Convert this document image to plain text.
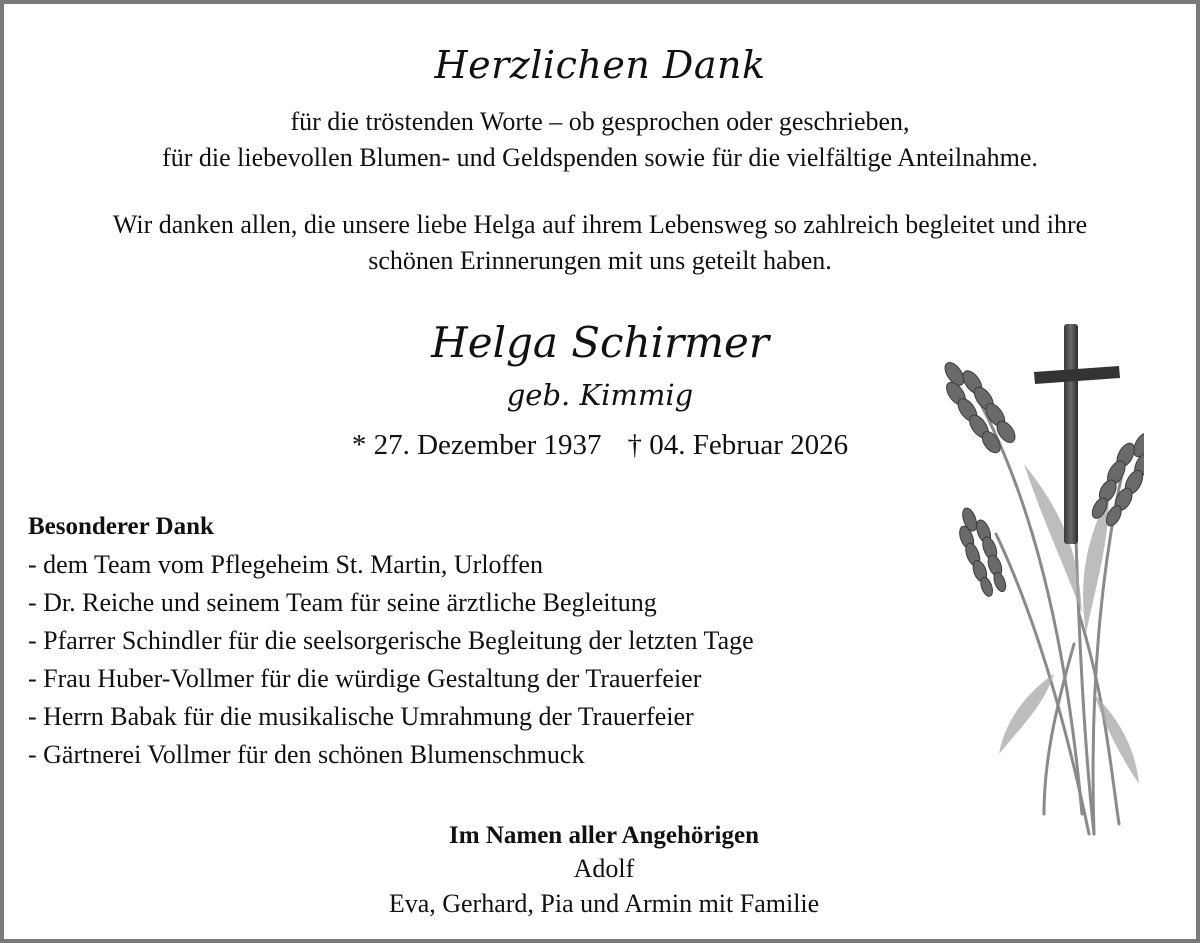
Herzlichen Dank
für die tröstenden Worte – ob gesprochen oder geschrieben,
für die liebevollen Blumen- und Geldspenden sowie für die vielfältige Anteilnahme.
Wir danken allen, die unsere liebe Helga auf ihrem Lebensweg so zahlreich begleitet und ihre
schönen Erinnerungen mit uns geteilt haben.
Helga Schirmer
geb. Kimmig
* 27. Dezember 1937 † 04. Februar 2026
Besonderer Dank
- dem Team vom Pflegeheim St. Martin, Urloffen
- Dr. Reiche und seinem Team für seine ärztliche Begleitung
- Pfarrer Schindler für die seelsorgerische Begleitung der letzten Tage
- Frau Huber-Vollmer für die würdige Gestaltung der Trauerfeier
- Herrn Babak für die musikalische Umrahmung der Trauerfeier
- Gärtnerei Vollmer für den schönen Blumenschmuck
Im Namen aller Angehörigen
Adolf
Eva, Gerhard, Pia und Armin mit Familie
